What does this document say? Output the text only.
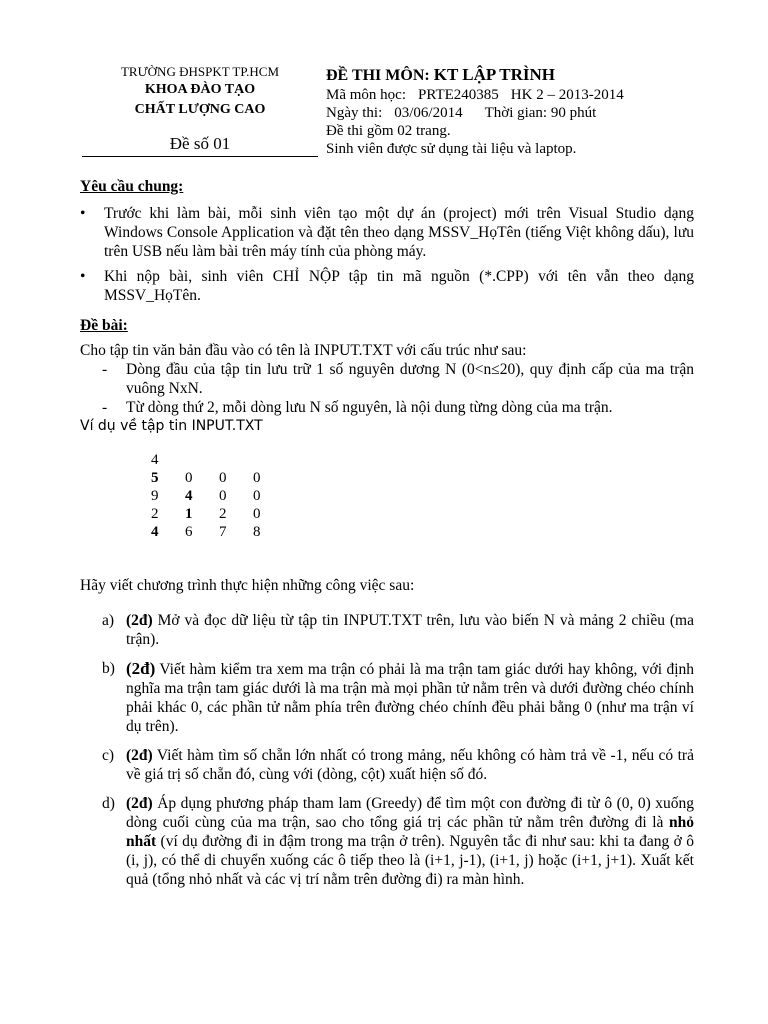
TRƯỜNG ĐHSPKT TP.HCM
KHOA ĐÀO TẠO
CHẤT LƯỢNG CAO
Đề số 01
ĐỀ THI MÔN: KT LẬP TRÌNH
Mã môn học: PRTE240385 HK 2 – 2013-2014
Ngày thi: 03/06/2014 Thời gian: 90 phút
Đề thi gồm 02 trang.
Sinh viên được sử dụng tài liệu và laptop.
Yêu cầu chung:
• Trước khi làm bài, mỗi sinh viên tạo một dự án (project) mới trên Visual Studio dạng Windows Console Application và đặt tên theo dạng MSSV_HọTên (tiếng Việt không dấu), lưu trên USB nếu làm bài trên máy tính của phòng máy.
• Khi nộp bài, sinh viên CHỈ NỘP tập tin mã nguồn (*.CPP) với tên vẫn theo dạng MSSV_HọTên.
Đề bài:
Cho tập tin văn bản đầu vào có tên là INPUT.TXT với cấu trúc như sau:
- Dòng đầu của tập tin lưu trữ 1 số nguyên dương N (0<n≤20), quy định cấp của ma trận vuông NxN.
- Từ dòng thứ 2, mỗi dòng lưu N số nguyên, là nội dung từng dòng của ma trận.
Ví dụ về tập tin INPUT.TXT
4			
5	0	0	0
9	4	0	0
2	1	2	0
4	6	7	8
Hãy viết chương trình thực hiện những công việc sau:
a) (2đ) Mở và đọc dữ liệu từ tập tin INPUT.TXT trên, lưu vào biến N và mảng 2 chiều (ma trận).
b) (2đ) Viết hàm kiểm tra xem ma trận có phải là ma trận tam giác dưới hay không, với định nghĩa ma trận tam giác dưới là ma trận mà mọi phần tử nằm trên và dưới đường chéo chính phải khác 0, các phần tử nằm phía trên đường chéo chính đều phải bằng 0 (như ma trận ví dụ trên).
c) (2đ) Viết hàm tìm số chẵn lớn nhất có trong mảng, nếu không có hàm trả về -1, nếu có trả về giá trị số chẵn đó, cùng với (dòng, cột) xuất hiện số đó.
d) (2đ) Áp dụng phương pháp tham lam (Greedy) để tìm một con đường đi từ ô (0, 0) xuống dòng cuối cùng của ma trận, sao cho tổng giá trị các phần tử nằm trên đường đi là nhỏ nhất (ví dụ đường đi in đậm trong ma trận ở trên). Nguyên tắc đi như sau: khi ta đang ở ô (i, j), có thể di chuyển xuống các ô tiếp theo là (i+1, j-1), (i+1, j) hoặc (i+1, j+1). Xuất kết quả (tổng nhỏ nhất và các vị trí nằm trên đường đi) ra màn hình.
